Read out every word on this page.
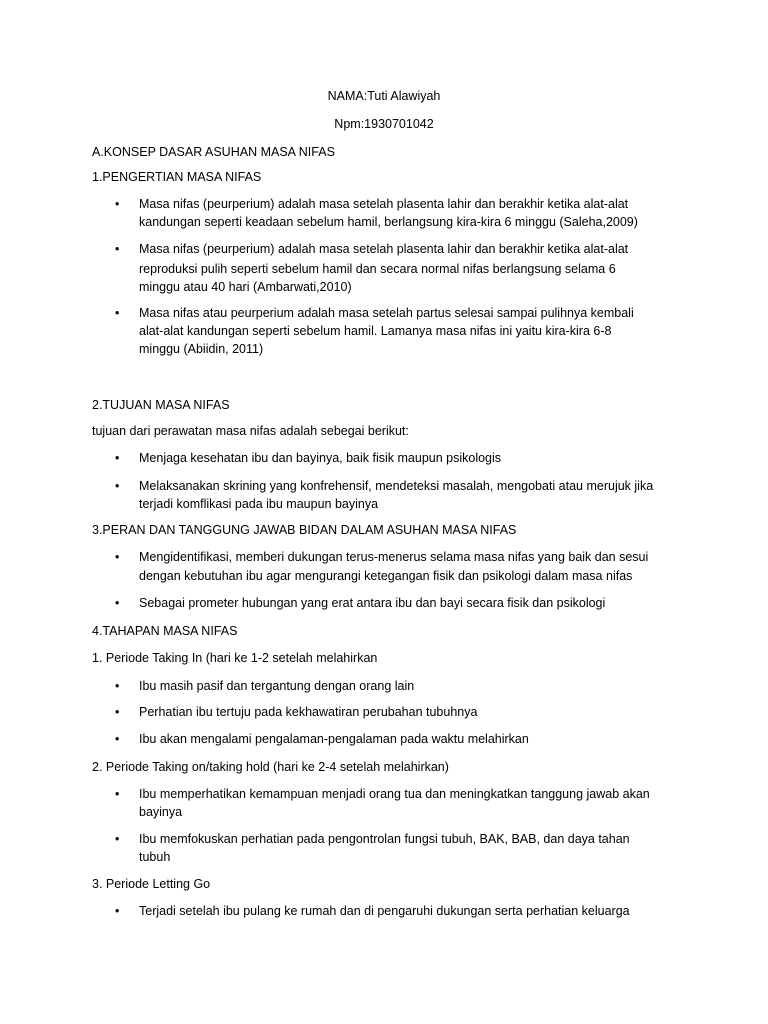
NAMA:Tuti Alawiyah
Npm:1930701042
A.KONSEP DASAR ASUHAN MASA NIFAS
1.PENGERTIAN MASA NIFAS
• Masa nifas (peurperium) adalah masa setelah plasenta lahir dan berakhir ketika alat-alat
kandungan seperti keadaan sebelum hamil, berlangsung kira-kira 6 minggu (Saleha,2009)
• Masa nifas (peurperium) adalah masa setelah plasenta lahir dan berakhir ketika alat-alat
reproduksi pulih seperti sebelum hamil dan secara normal nifas berlangsung selama 6
minggu atau 40 hari (Ambarwati,2010)
• Masa nifas atau peurperium adalah masa setelah partus selesai sampai pulihnya kembali
alat-alat kandungan seperti sebelum hamil. Lamanya masa nifas ini yaitu kira-kira 6-8
minggu (Abiidin, 2011)
2.TUJUAN MASA NIFAS
tujuan dari perawatan masa nifas adalah sebegai berikut:
• Menjaga kesehatan ibu dan bayinya, baik fisik maupun psikologis
• Melaksanakan skrining yang konfrehensif, mendeteksi masalah, mengobati atau merujuk jika
terjadi komflikasi pada ibu maupun bayinya
3.PERAN DAN TANGGUNG JAWAB BIDAN DALAM ASUHAN MASA NIFAS
• Mengidentifikasi, memberi dukungan terus-menerus selama masa nifas yang baik dan sesui
dengan kebutuhan ibu agar mengurangi ketegangan fisik dan psikologi dalam masa nifas
• Sebagai prometer hubungan yang erat antara ibu dan bayi secara fisik dan psikologi
4.TAHAPAN MASA NIFAS
1. Periode Taking In (hari ke 1-2 setelah melahirkan
• Ibu masih pasif dan tergantung dengan orang lain
• Perhatian ibu tertuju pada kekhawatiran perubahan tubuhnya
• Ibu akan mengalami pengalaman-pengalaman pada waktu melahirkan
2. Periode Taking on/taking hold (hari ke 2-4 setelah melahirkan)
• Ibu memperhatikan kemampuan menjadi orang tua dan meningkatkan tanggung jawab akan
bayinya
• Ibu memfokuskan perhatian pada pengontrolan fungsi tubuh, BAK, BAB, dan daya tahan
tubuh
3. Periode Letting Go
• Terjadi setelah ibu pulang ke rumah dan di pengaruhi dukungan serta perhatian keluarga
